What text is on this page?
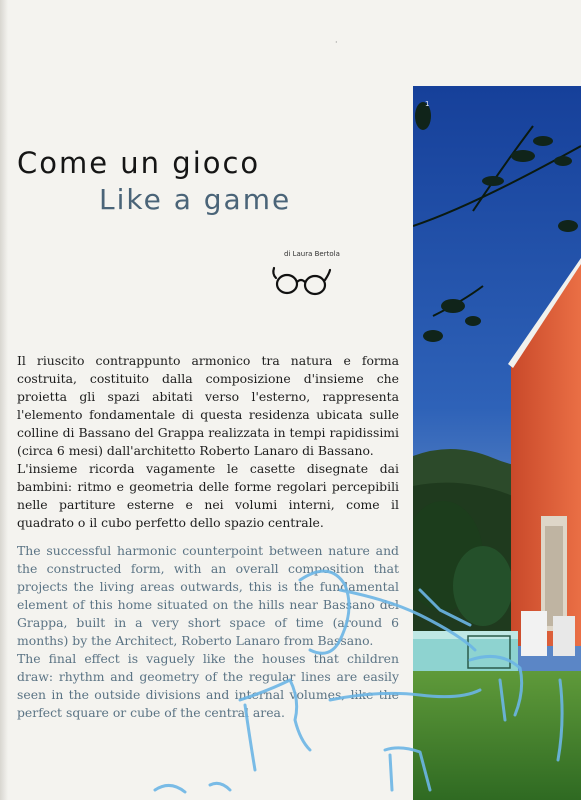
·
1
Come un gioco
Like a game
di Laura Bertola

Il riuscito contrappunto armonico tra natura e forma costruita, costituito dalla composizione d'insieme che proietta gli spazi abitati verso l'esterno, rappresenta l'elemento fondamentale di questa residenza ubicata sulle colline di Bassano del Grappa realizzata in tempi rapidissimi (circa 6 mesi) dall'architetto Roberto Lanaro di Bassano.

L'insieme ricorda vagamente le casette disegnate dai bambini: ritmo e geometria delle forme regolari percepibili nelle partiture esterne e nei volumi interni, come il quadrato o il cubo perfetto dello spazio centrale.

The successful harmonic counterpoint between nature and the constructed form, with an overall composition that projects the living areas outwards, this is the fundamental element of this home situated on the hills near Bassano del Grappa, built in a very short space of time (around 6 months) by the Architect, Roberto Lanaro from Bassano.

The final effect is vaguely like the houses that children draw: rhythm and geometry of the regular lines are easily seen in the outside divisions and internal volumes, like the perfect square or cube of the central area.
